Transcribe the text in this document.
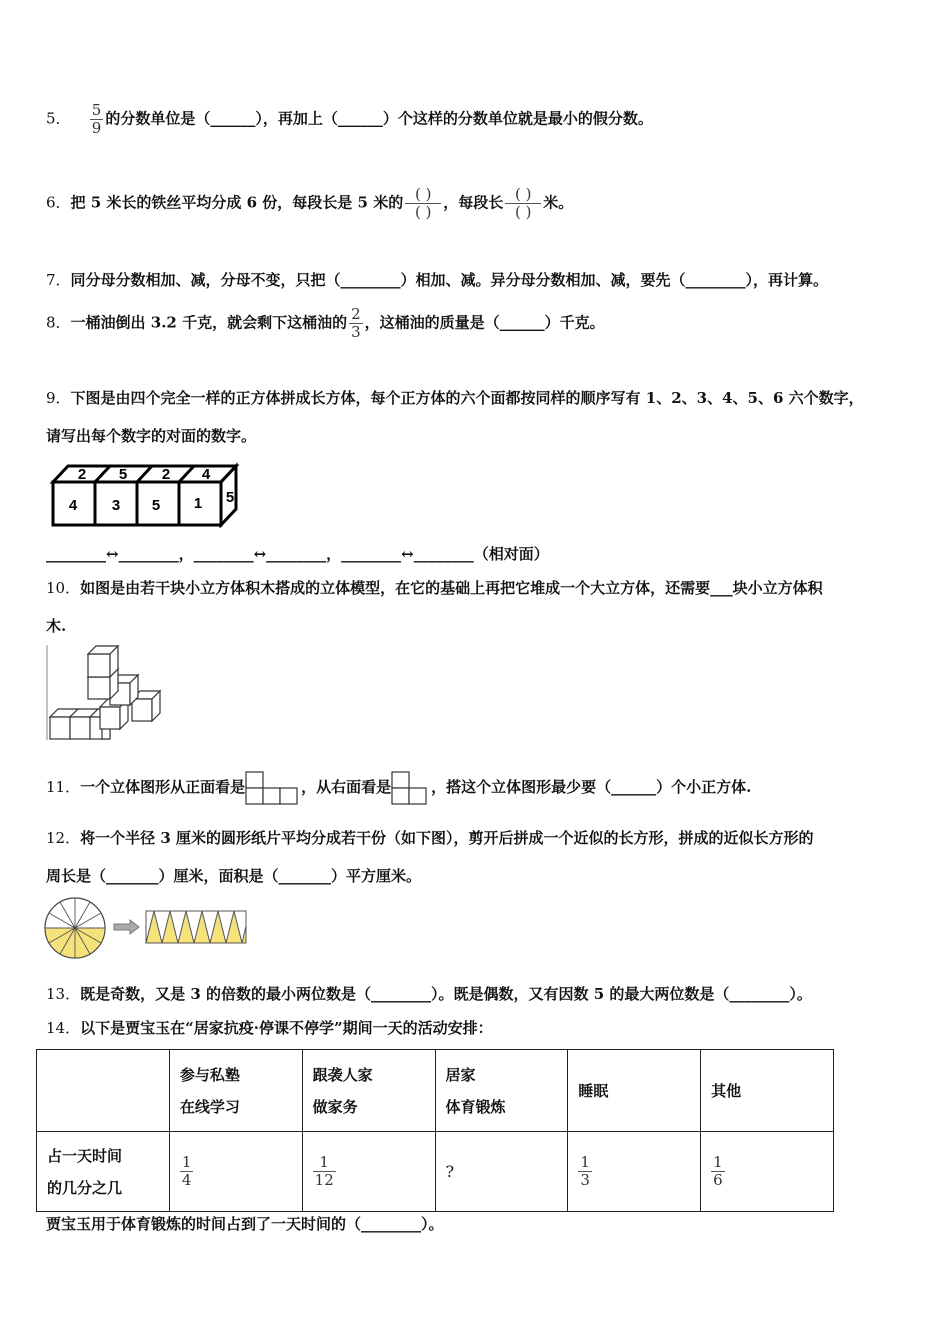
5． $\frac{5}{9}$ 的分数单位是（______），再加上（______）个这样的分数单位就是最小的假分数。
6．把 5 米长的铁丝平均分成 6 份，每段长是 5 米的 $\frac{( )}{( )}$ ，每段长 $\frac{( )}{( )}$ 米。
7．同分母分数相加、减，分母不变，只把（________）相加、减。异分母分数相加、减，要先（________），再计算。
8．一桶油倒出 3.2 千克，就会剩下这桶油的 $\frac{2}{3}$ ，这桶油的质量是（______）千克。
9．下图是由四个完全一样的正方体拼成长方体，每个正方体的六个面都按同样的顺序写有 1、2、3、4、5、6 六个数字，
请写出每个数字的对面的数字。
2 5 2 4
4 3 5 1 5
________↔________，________↔________，________↔________（相对面）
10．如图是由若干块小立方体积木搭成的立体模型，在它的基础上再把它堆成一个大立方体，还需要___块小立方体积
木.
11．一个立体图形从正面看是	，从右面看是	，搭这个立体图形最少要（______）个小正方体.
12．将一个半径 3 厘米的圆形纸片平均分成若干份（如下图），剪开后拼成一个近似的长方形，拼成的近似长方形的
周长是（_______）厘米，面积是（_______）平方厘米。
13．既是奇数，又是 3 的倍数的最小两位数是（________）。既是偶数，又有因数 5 的最大两位数是（________）。
14．以下是贾宝玉在“居家抗疫·停课不停学”期间一天的活动安排：
	参与私塾
在线学习	跟袭人家
做家务	居家
体育锻炼	睡眠	其他
占一天时间
的几分之几	$\frac{1}{4}$	$\frac{1}{12}$	?	$\frac{1}{3}$	$\frac{1}{6}$
贾宝玉用于体育锻炼的时间占到了一天时间的（________）。
